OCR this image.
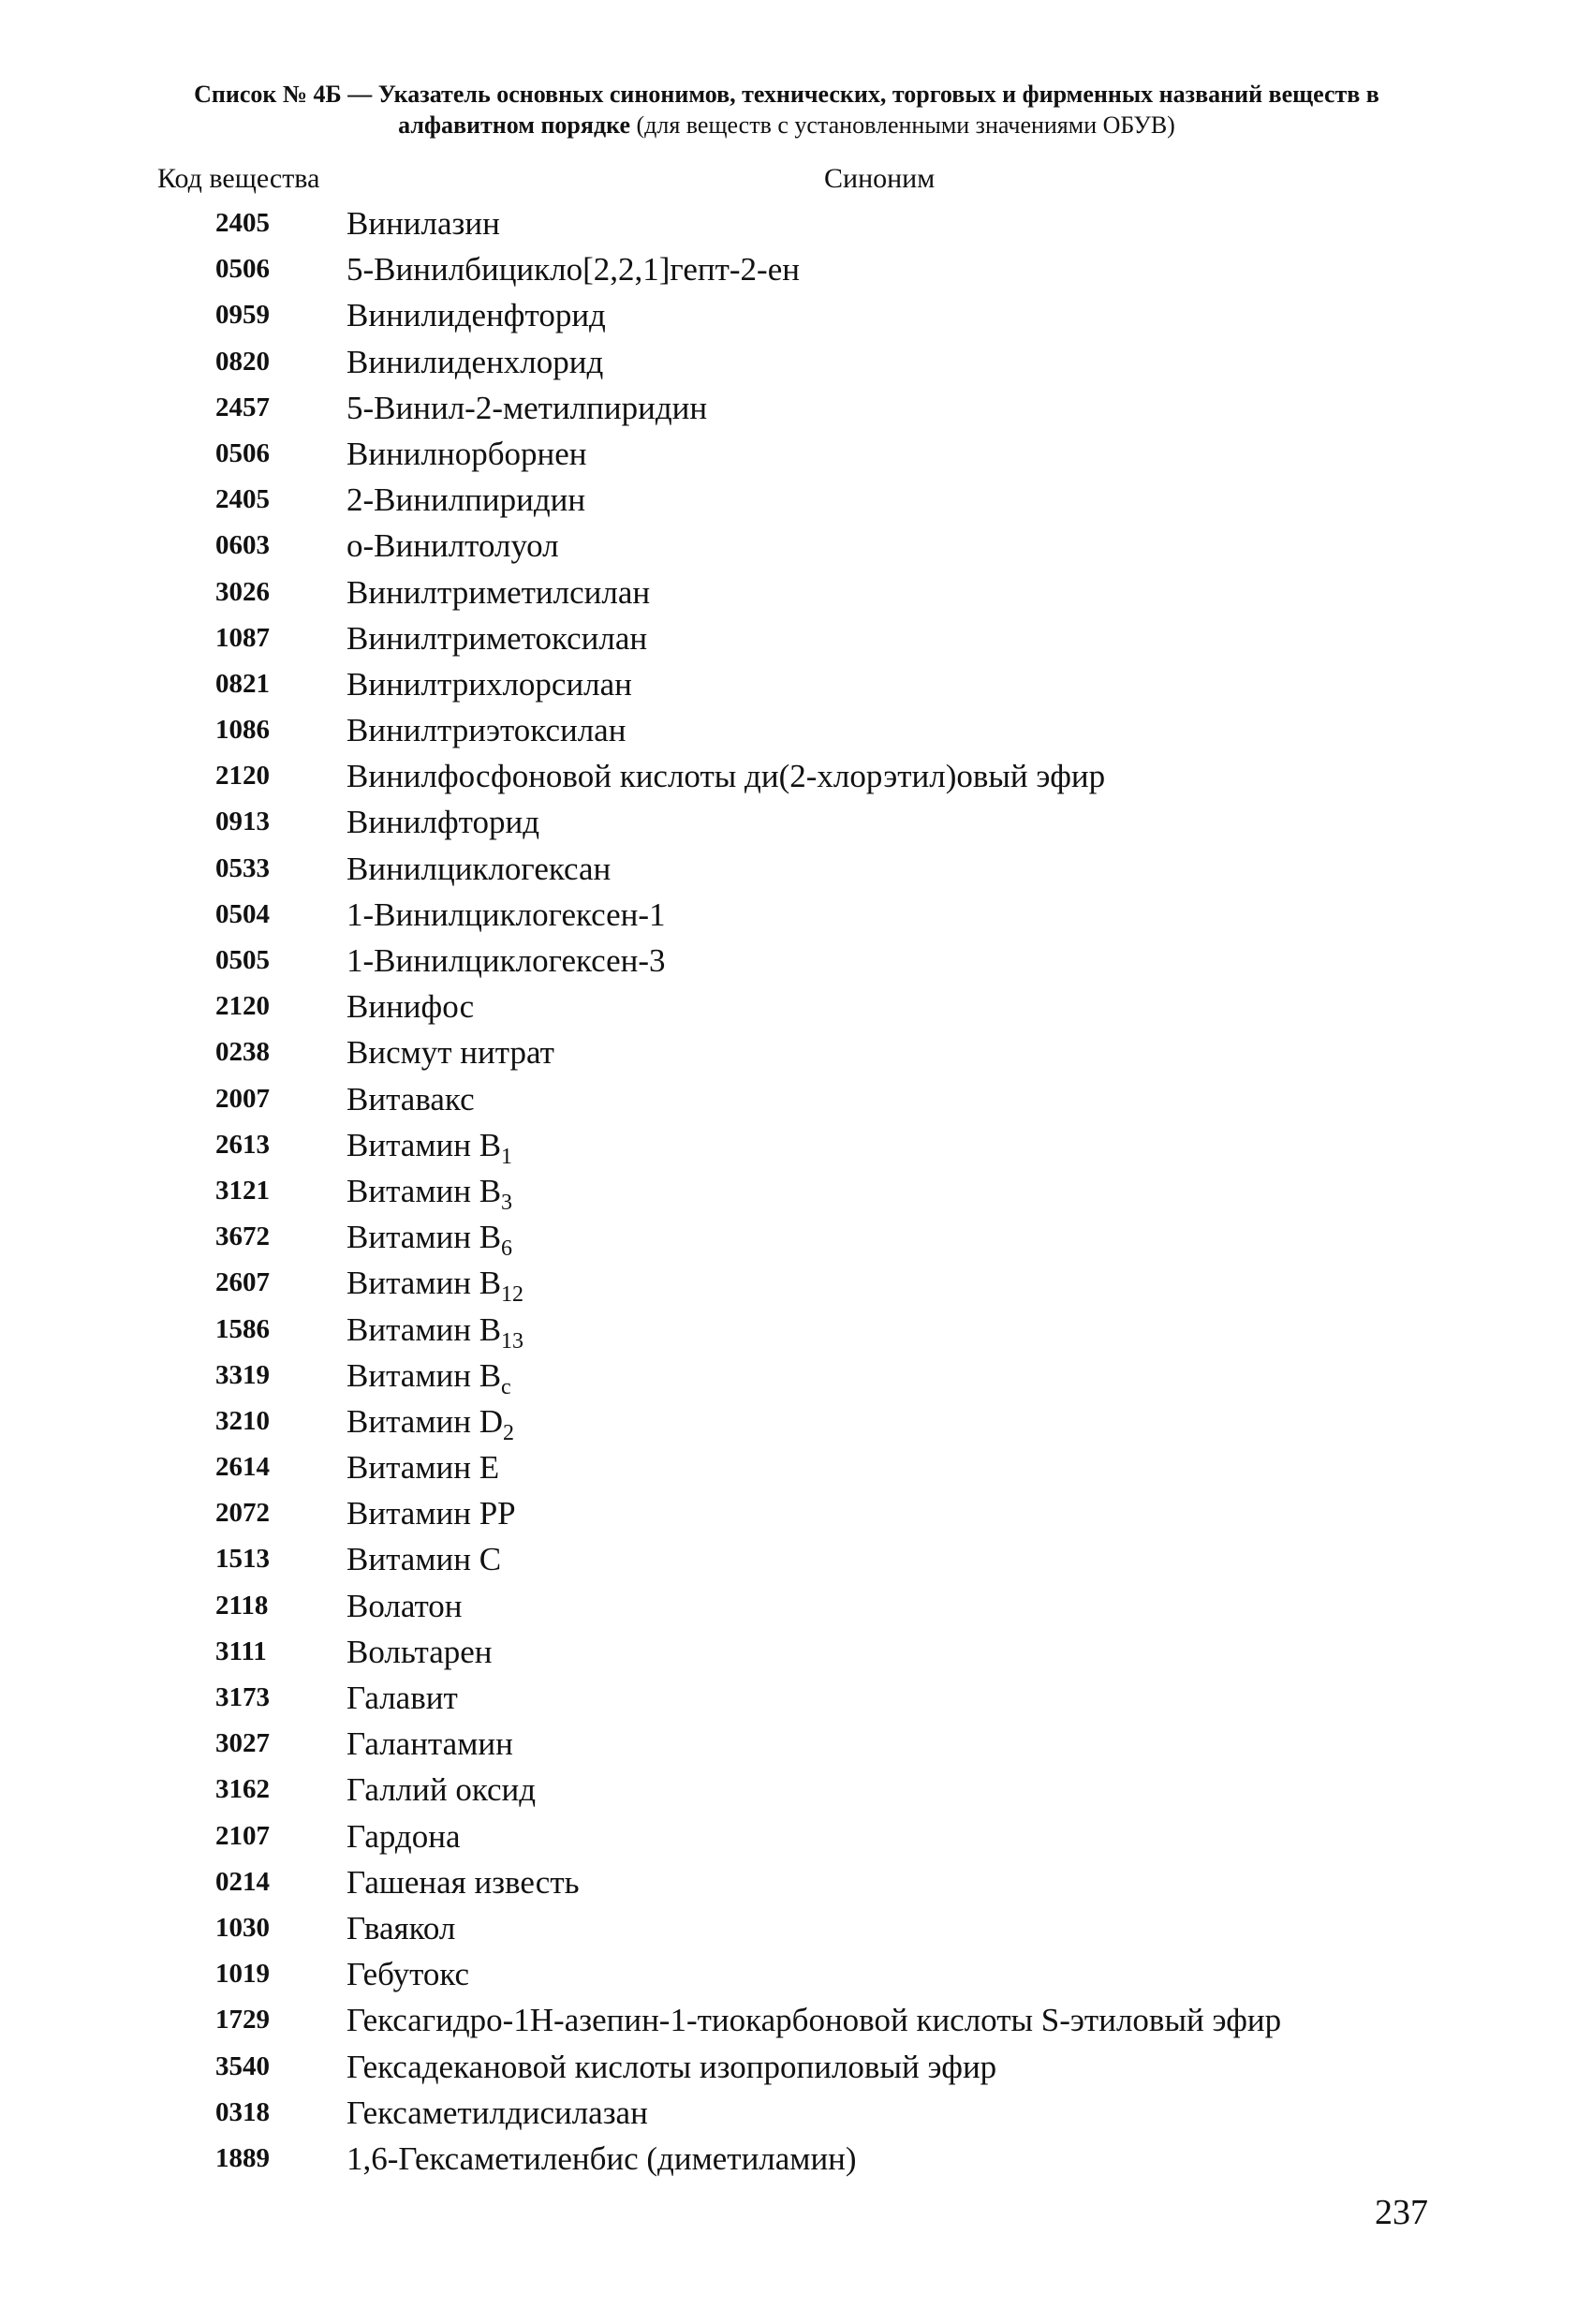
Список № 4Б — Указатель основных синонимов, технических, торговых и фирменных названий веществ в алфавитном порядке (для веществ с установленными значениями ОБУВ)
Код вещества	Синоним
2405	Винилазин
0506	5-Винилбицикло[2,2,1]гепт-2-ен
0959	Винилиденфторид
0820	Винилиденхлорид
2457	5-Винил-2-метилпиридин
0506	Винилнорборнен
2405	2-Винилпиридин
0603	о-Винилтолуол
3026	Винилтриметилсилан
1087	Винилтриметоксилан
0821	Винилтрихлорсилан
1086	Винилтриэтоксилан
2120	Винилфосфоновой кислоты ди(2-хлорэтил)овый эфир
0913	Винилфторид
0533	Винилциклогексан
0504	1-Винилциклогексен-1
0505	1-Винилциклогексен-3
2120	Винифос
0238	Висмут нитрат
2007	Витавакс
2613	Витамин $B_1$
3121	Витамин $B_3$
3672	Витамин $B_6$
2607	Витамин $B_{12}$
1586	Витамин $B_{13}$
3319	Витамин $B_c$
3210	Витамин $D_2$
2614	Витамин E
2072	Витамин PP
1513	Витамин C
2118	Волатон
3111	Вольтарен
3173	Галавит
3027	Галантамин
3162	Галлий оксид
2107	Гардона
0214	Гашеная известь
1030	Гваякол
1019	Гебутокс
1729	Гексагидро-1H-азепин-1-тиокарбоновой кислоты S-этиловый эфир
3540	Гексадекановой кислоты изопропиловый эфир
0318	Гексаметилдисилазан
1889	1,6-Гексаметиленбис (диметиламин)
237
